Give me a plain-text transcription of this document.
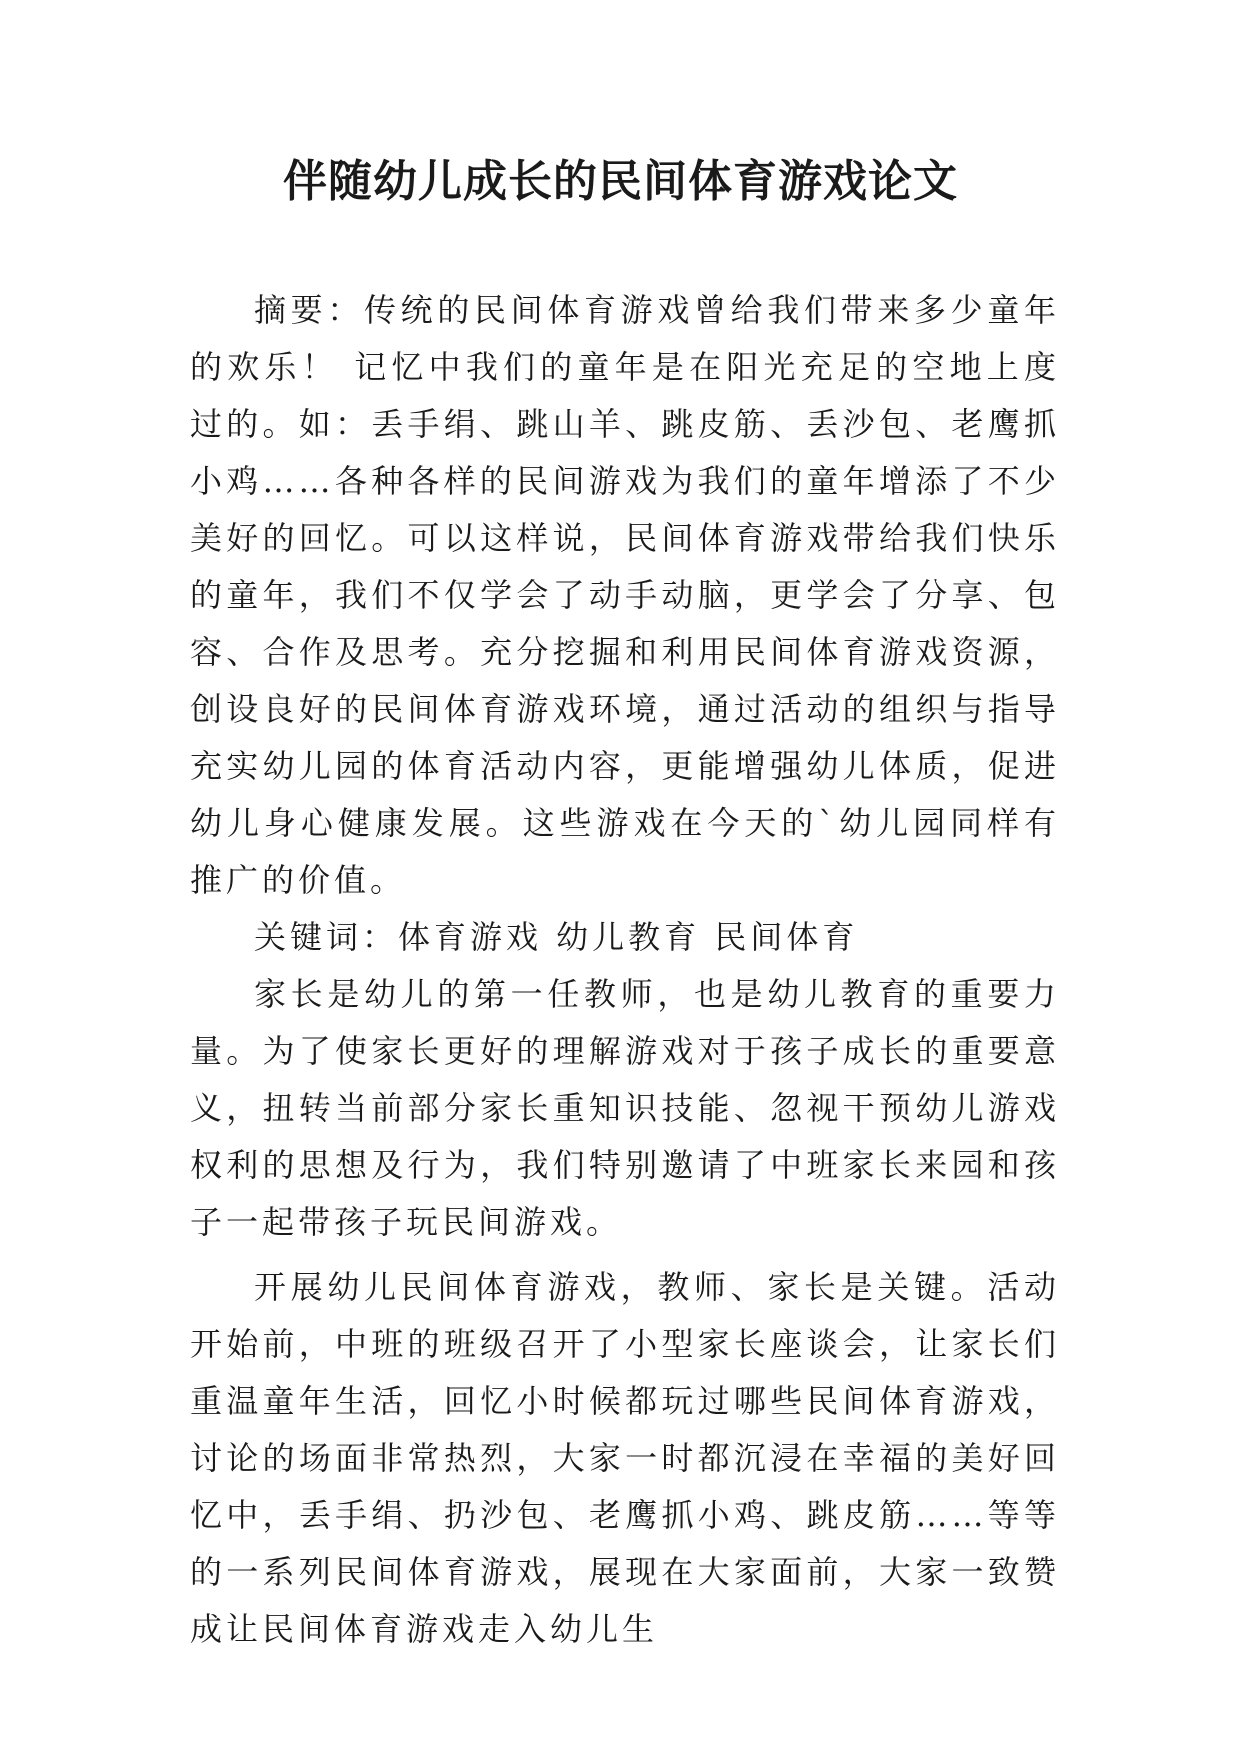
伴随幼儿成长的民间体育游戏论文

摘要：传统的民间体育游戏曾给我们带来多少童年的欢乐！ 记忆中我们的童年是在阳光充足的空地上度过的。如：丢手绢、跳山羊、跳皮筋、丢沙包、老鹰抓小鸡……各种各样的民间游戏为我们的童年增添了不少美好的回忆。可以这样说，民间体育游戏带给我们快乐的童年，我们不仅学会了动手动脑，更学会了分享、包容、合作及思考。充分挖掘和利用民间体育游戏资源，创设良好的民间体育游戏环境，通过活动的组织与指导充实幼儿园的体育活动内容，更能增强幼儿体质，促进幼儿身心健康发展。这些游戏在今天的`幼儿园同样有推广的价值。

关键词：体育游戏 幼儿教育 民间体育

家长是幼儿的第一任教师，也是幼儿教育的重要力量。为了使家长更好的理解游戏对于孩子成长的重要意义，扭转当前部分家长重知识技能、忽视干预幼儿游戏权利的思想及行为，我们特别邀请了中班家长来园和孩子一起带孩子玩民间游戏。

开展幼儿民间体育游戏，教师、家长是关键。活动开始前，中班的班级召开了小型家长座谈会，让家长们重温童年生活，回忆小时候都玩过哪些民间体育游戏，讨论的场面非常热烈，大家一时都沉浸在幸福的美好回忆中，丢手绢、扔沙包、老鹰抓小鸡、跳皮筋……等等的一系列民间体育游戏，展现在大家面前，大家一致赞成让民间体育游戏走入幼儿生
